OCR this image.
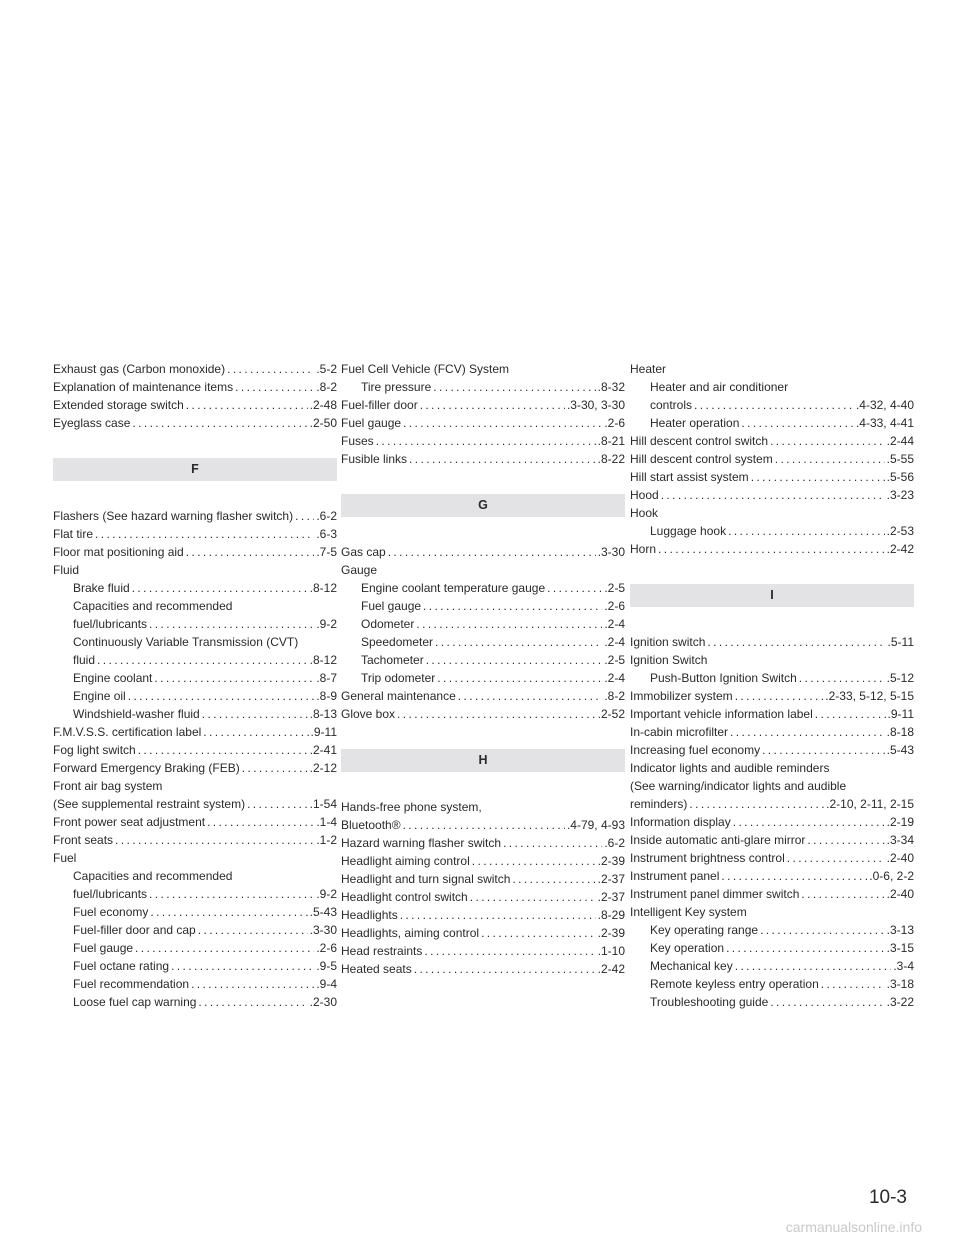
Exhaust gas (Carbon monoxide) .....	.5-2
Explanation of maintenance items .....	.8-2
Extended storage switch .....	.2-48
Eyeglass case .....	.2-50
F
Flashers (See hazard warning flasher switch) ..... .6-2
Flat tire .....	.6-3
Floor mat positioning aid .....	.7-5
Fluid
Brake fluid .....	.8-12
Capacities and recommended
fuel/lubricants .....	.9-2
Continuously Variable Transmission (CVT)
fluid .....	.8-12
Engine coolant .....	.8-7
Engine oil .....	.8-9
Windshield-washer fluid .....	.8-13
F.M.V.S.S. certification label .....	.9-11
Fog light switch .....	.2-41
Forward Emergency Braking (FEB) .....	.2-12
Front air bag system
(See supplemental restraint system) .....	.1-54
Front power seat adjustment .....	.1-4
Front seats .....	.1-2
Fuel
Capacities and recommended
fuel/lubricants .....	.9-2
Fuel economy .....	.5-43
Fuel-filler door and cap .....	.3-30
Fuel gauge .....	.2-6
Fuel octane rating .....	.9-5
Fuel recommendation .....	.9-4
Loose fuel cap warning .....	.2-30
Fuel Cell Vehicle (FCV) System
Tire pressure .....	.8-32
Fuel-filler door .....	.3-30, 3-30
Fuel gauge .....	.2-6
Fuses .....	.8-21
Fusible links .....	.8-22
G
Gas cap .....	.3-30
Gauge
Engine coolant temperature gauge .....	.2-5
Fuel gauge .....	.2-6
Odometer .....	.2-4
Speedometer .....	.2-4
Tachometer .....	.2-5
Trip odometer .....	.2-4
General maintenance .....	.8-2
Glove box .....	.2-52
H
Hands-free phone system,
Bluetooth® .....	.4-79, 4-93
Hazard warning flasher switch .....	.6-2
Headlight aiming control .....	.2-39
Headlight and turn signal switch .....	.2-37
Headlight control switch .....	.2-37
Headlights .....	.8-29
Headlights, aiming control .....	.2-39
Head restraints .....	.1-10
Heated seats .....	.2-42
Heater
Heater and air conditioner
controls .....	.4-32, 4-40
Heater operation .....	.4-33, 4-41
Hill descent control switch .....	.2-44
Hill descent control system .....	.5-55
Hill start assist system .....	.5-56
Hood .....	.3-23
Hook
Luggage hook .....	.2-53
Horn .....	.2-42
I
Ignition switch .....	.5-11
Ignition Switch
Push-Button Ignition Switch .....	.5-12
Immobilizer system .....	.2-33, 5-12, 5-15
Important vehicle information label .....	.9-11
In-cabin microfilter .....	.8-18
Increasing fuel economy .....	.5-43
Indicator lights and audible reminders
(See warning/indicator lights and audible
reminders) .....	.2-10, 2-11, 2-15
Information display .....	.2-19
Inside automatic anti-glare mirror .....	.3-34
Instrument brightness control .....	.2-40
Instrument panel .....	.0-6, 2-2
Instrument panel dimmer switch .....	.2-40
Intelligent Key system
Key operating range .....	.3-13
Key operation .....	.3-15
Mechanical key .....	.3-4
Remote keyless entry operation .....	.3-18
Troubleshooting guide .....	.3-22
10-3
carmanualsonline.info
